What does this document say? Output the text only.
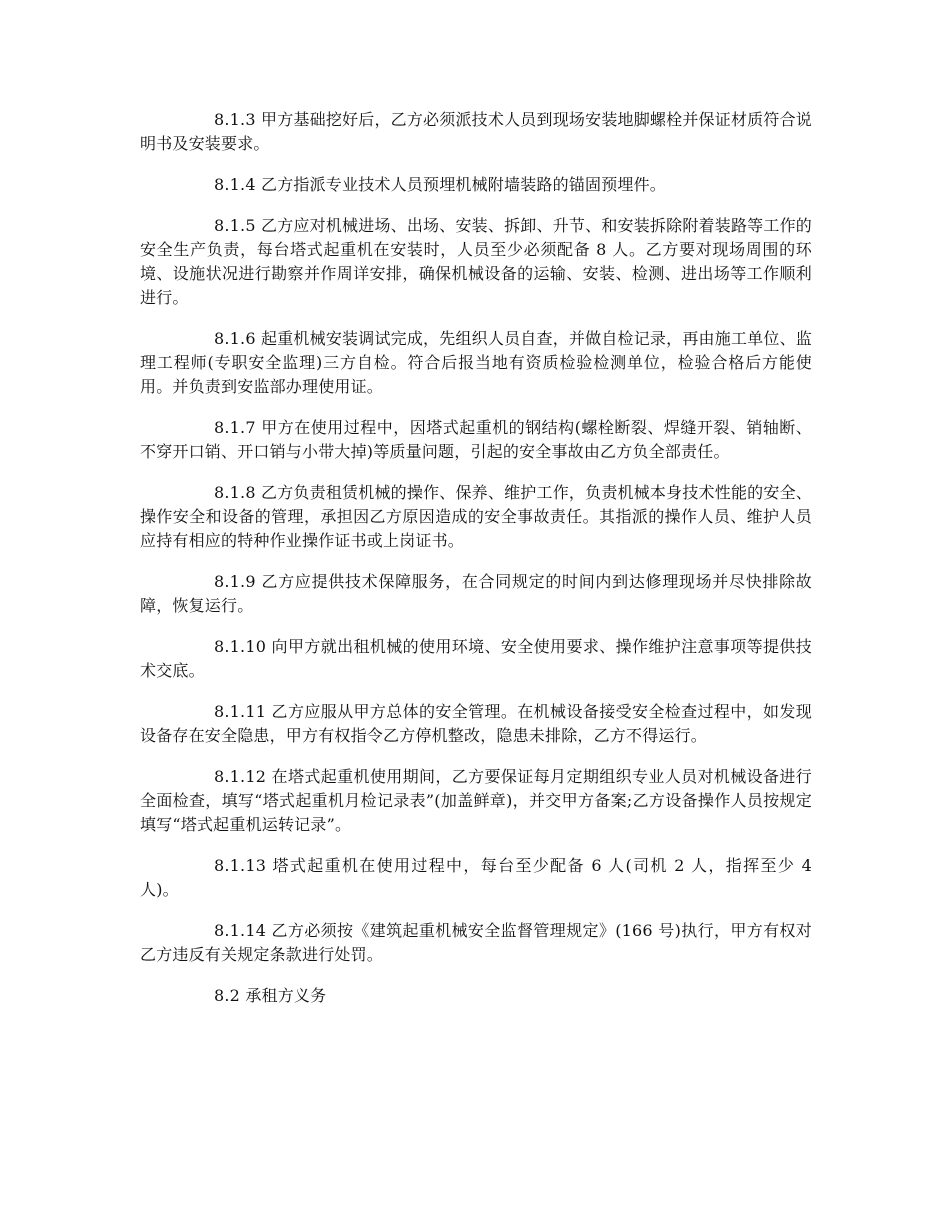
8.1.3 甲方基础挖好后，乙方必须派技术人员到现场安装地脚螺栓并保证材质符合说明书及安装要求。

8.1.4 乙方指派专业技术人员预埋机械附墙装路的锚固预埋件。

8.1.5 乙方应对机械进场、出场、安装、拆卸、升节、和安装拆除附着装路等工作的安全生产负责，每台塔式起重机在安装时，人员至少必须配备 8 人。乙方要对现场周围的环境、设施状况进行勘察并作周详安排，确保机械设备的运输、安装、检测、进出场等工作顺利进行。

8.1.6 起重机械安装调试完成，先组织人员自查，并做自检记录，再由施工单位、监理工程师(专职安全监理)三方自检。符合后报当地有资质检验检测单位，检验合格后方能使用。并负责到安监部办理使用证。

8.1.7 甲方在使用过程中，因塔式起重机的钢结构(螺栓断裂、焊缝开裂、销轴断、不穿开口销、开口销与小带大掉)等质量问题，引起的安全事故由乙方负全部责任。

8.1.8 乙方负责租赁机械的操作、保养、维护工作，负责机械本身技术性能的安全、操作安全和设备的管理，承担因乙方原因造成的安全事故责任。其指派的操作人员、维护人员应持有相应的特种作业操作证书或上岗证书。

8.1.9 乙方应提供技术保障服务，在合同规定的时间内到达修理现场并尽快排除故障，恢复运行。

8.1.10 向甲方就出租机械的使用环境、安全使用要求、操作维护注意事项等提供技术交底。

8.1.11 乙方应服从甲方总体的安全管理。在机械设备接受安全检查过程中，如发现设备存在安全隐患，甲方有权指令乙方停机整改，隐患未排除，乙方不得运行。

8.1.12 在塔式起重机使用期间，乙方要保证每月定期组织专业人员对机械设备进行全面检查，填写“塔式起重机月检记录表”(加盖鲜章)，并交甲方备案;乙方设备操作人员按规定填写“塔式起重机运转记录”。

8.1.13 塔式起重机在使用过程中，每台至少配备 6 人(司机 2 人，指挥至少 4 人)。

8.1.14 乙方必须按《建筑起重机械安全监督管理规定》(166 号)执行，甲方有权对乙方违反有关规定条款进行处罚。

8.2 承租方义务
